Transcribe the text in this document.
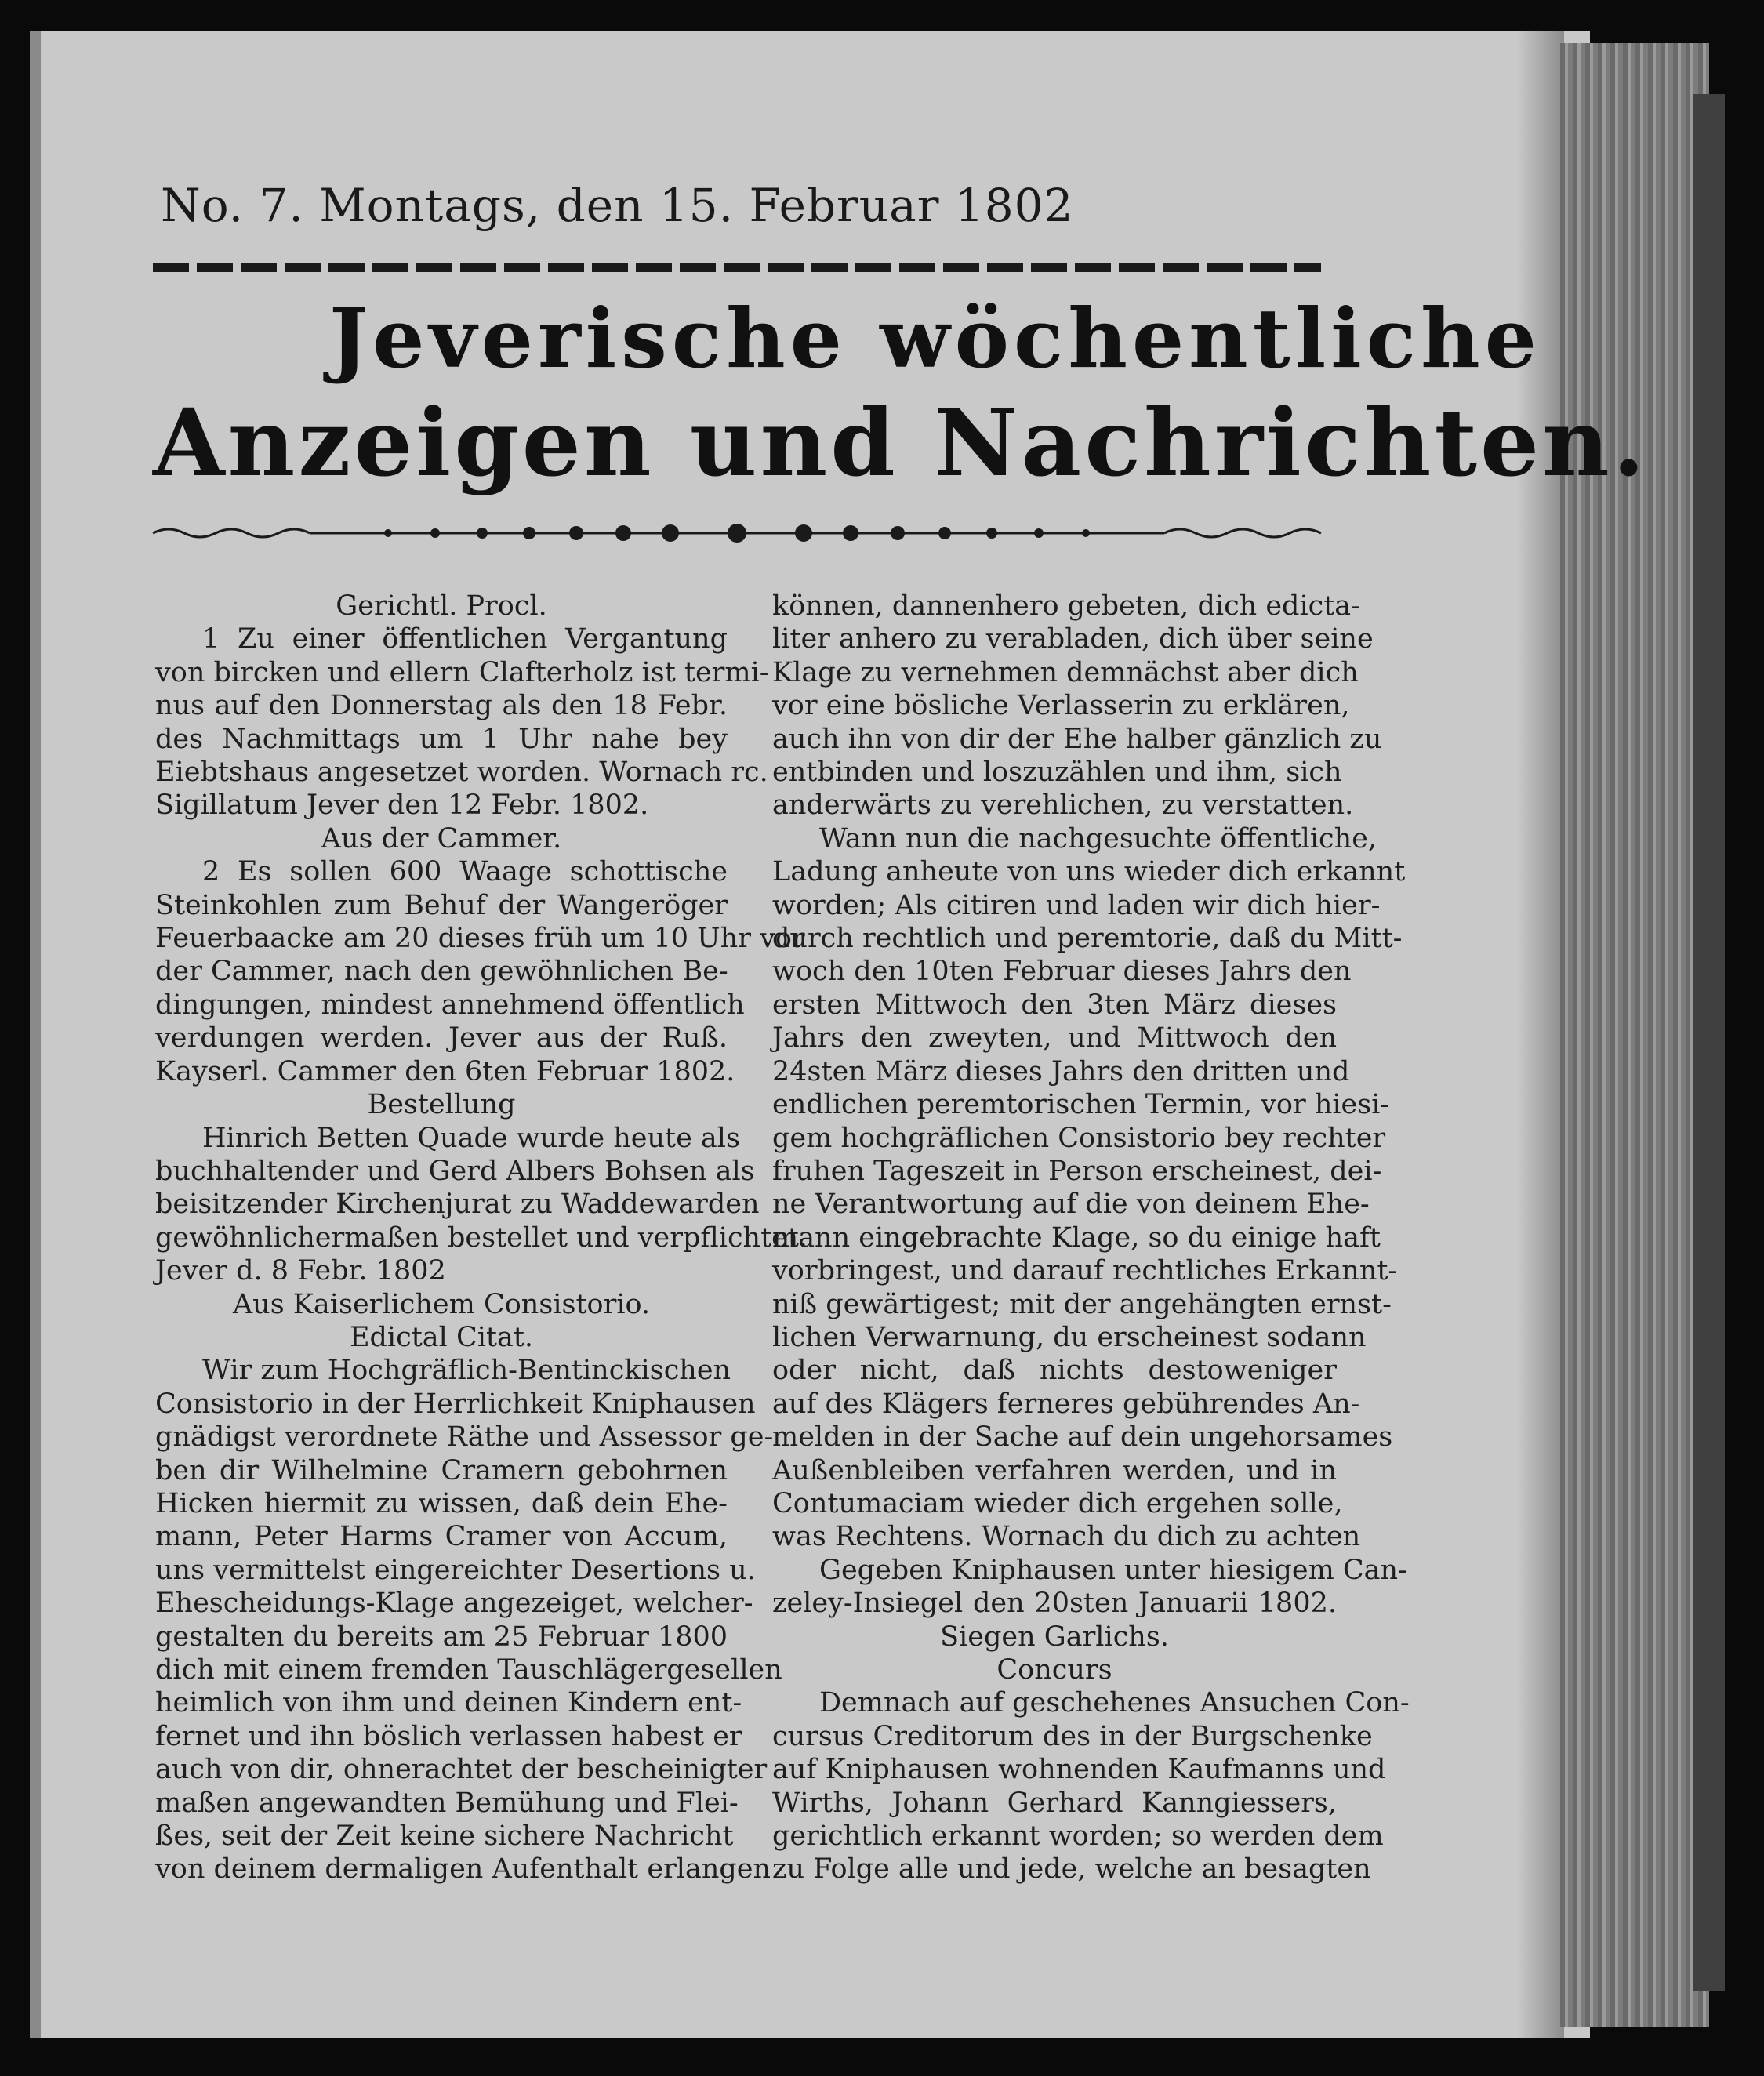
No. 7. Montags, den 15. Februar 1802
Jeverische wöchentliche
Anzeigen und Nachrichten.
Gerichtl. Procl.
1 Zu einer öffentlichen Vergantung
von bircken und ellern Clafterholz ist termi-
nus auf den Donnerstag als den 18 Febr.
des Nachmittags um 1 Uhr nahe bey
Eiebtshaus angesetzet worden. Wornach rc.
Sigillatum Jever den 12 Febr. 1802.
Aus der Cammer.
2 Es sollen 600 Waage schottische
Steinkohlen zum Behuf der Wangeröger
Feuerbaacke am 20 dieses früh um 10 Uhr vor
der Cammer, nach den gewöhnlichen Be-
dingungen, mindest annehmend öffentlich
verdungen werden. Jever aus der Ruß.
Kayserl. Cammer den 6ten Februar 1802.
Bestellung
Hinrich Betten Quade wurde heute als
buchhaltender und Gerd Albers Bohsen als
beisitzender Kirchenjurat zu Waddewarden
gewöhnlichermaßen bestellet und verpflichtet.
Jever d. 8 Febr. 1802
Aus Kaiserlichem Consistorio.
Edictal Citat.
Wir zum Hochgräflich-Bentinckischen
Consistorio in der Herrlichkeit Kniphausen
gnädigst verordnete Räthe und Assessor ge-
ben dir Wilhelmine Cramern gebohrnen
Hicken hiermit zu wissen, daß dein Ehe-
mann, Peter Harms Cramer von Accum,
uns vermittelst eingereichter Desertions u.
Ehescheidungs-Klage angezeiget, welcher-
gestalten du bereits am 25 Februar 1800
dich mit einem fremden Tauschlägergesellen
heimlich von ihm und deinen Kindern ent-
fernet und ihn böslich verlassen habest er
auch von dir, ohnerachtet der bescheinigter
maßen angewandten Bemühung und Flei-
ßes, seit der Zeit keine sichere Nachricht
von deinem dermaligen Aufenthalt erlangen
können, dannenhero gebeten, dich edicta-
liter anhero zu verabladen, dich über seine
Klage zu vernehmen demnächst aber dich
vor eine bösliche Verlasserin zu erklären,
auch ihn von dir der Ehe halber gänzlich zu
entbinden und loszuzählen und ihm, sich
anderwärts zu verehlichen, zu verstatten.
Wann nun die nachgesuchte öffentliche,
Ladung anheute von uns wieder dich erkannt
worden; Als citiren und laden wir dich hier-
durch rechtlich und peremtorie, daß du Mitt-
woch den 10ten Februar dieses Jahrs den
ersten Mittwoch den 3ten März dieses
Jahrs den zweyten, und Mittwoch den
24sten März dieses Jahrs den dritten und
endlichen peremtorischen Termin, vor hiesi-
gem hochgräflichen Consistorio bey rechter
fruhen Tageszeit in Person erscheinest, dei-
ne Verantwortung auf die von deinem Ehe-
mann eingebrachte Klage, so du einige haft
vorbringest, und darauf rechtliches Erkannt-
niß gewärtigest; mit der angehängten ernst-
lichen Verwarnung, du erscheinest sodann
oder nicht, daß nichts destoweniger
auf des Klägers ferneres gebührendes An-
melden in der Sache auf dein ungehorsames
Außenbleiben verfahren werden, und in
Contumaciam wieder dich ergehen solle,
was Rechtens. Wornach du dich zu achten
Gegeben Kniphausen unter hiesigem Can-
zeley-Insiegel den 20sten Januarii 1802.
Siegen Garlichs.
Concurs
Demnach auf geschehenes Ansuchen Con-
cursus Creditorum des in der Burgschenke
auf Kniphausen wohnenden Kaufmanns und
Wirths, Johann Gerhard Kanngiessers,
gerichtlich erkannt worden; so werden dem
zu Folge alle und jede, welche an besagten
